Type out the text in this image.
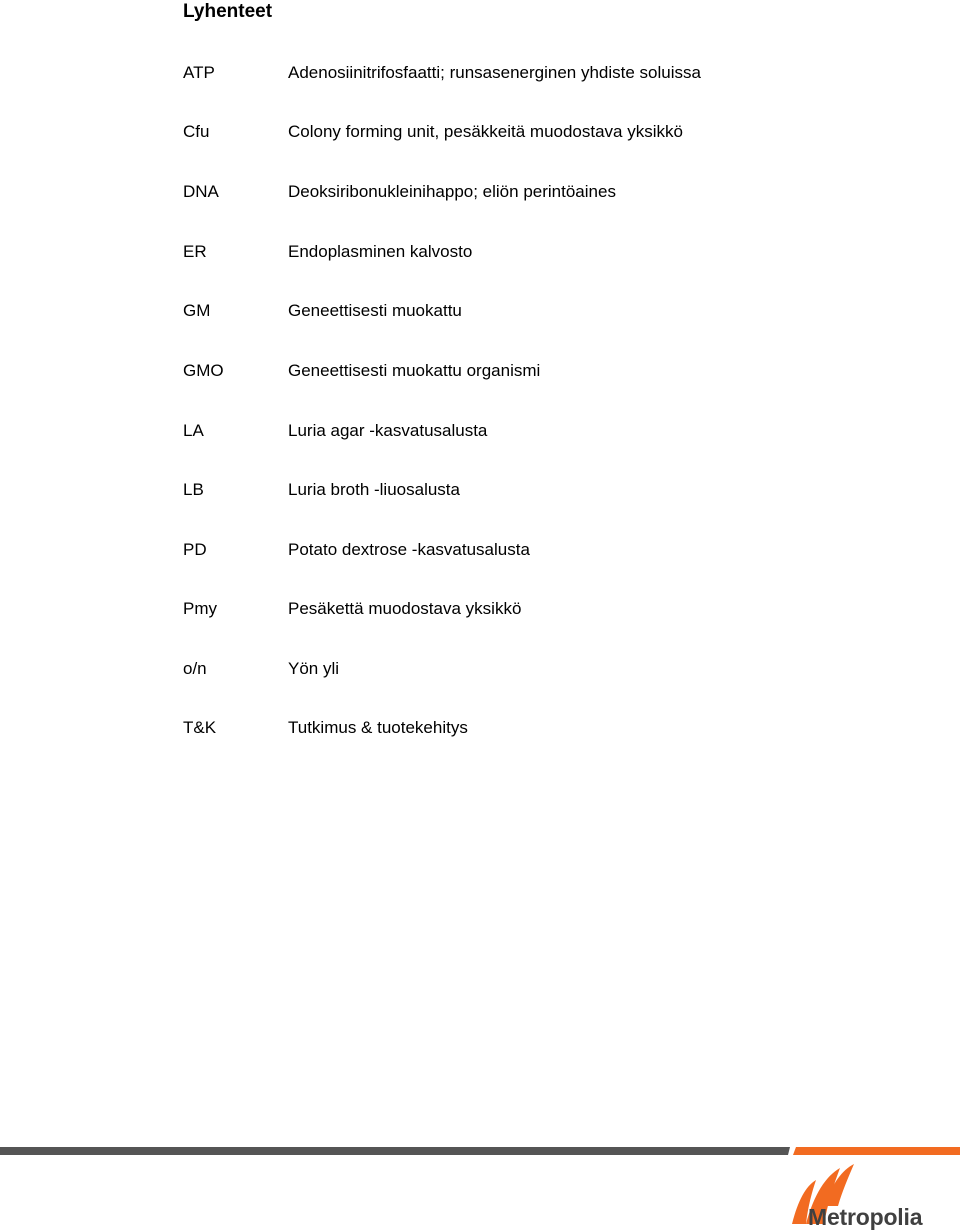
Lyhenteet
ATP	Adenosiinitrifosfaatti; runsasenerginen yhdiste soluissa
Cfu	Colony forming unit, pesäkkeitä muodostava yksikkö
DNA	Deoksiribonukleinihappo; eliön perintöaines
ER	Endoplasminen kalvosto
GM	Geneettisesti muokattu
GMO	Geneettisesti muokattu organismi
LA	Luria agar -kasvatusalusta
LB	Luria broth -liuosalusta
PD	Potato dextrose -kasvatusalusta
Pmy	Pesäkettä muodostava yksikkö
o/n	Yön yli
T&K	Tutkimus & tuotekehitys
Metropolia
